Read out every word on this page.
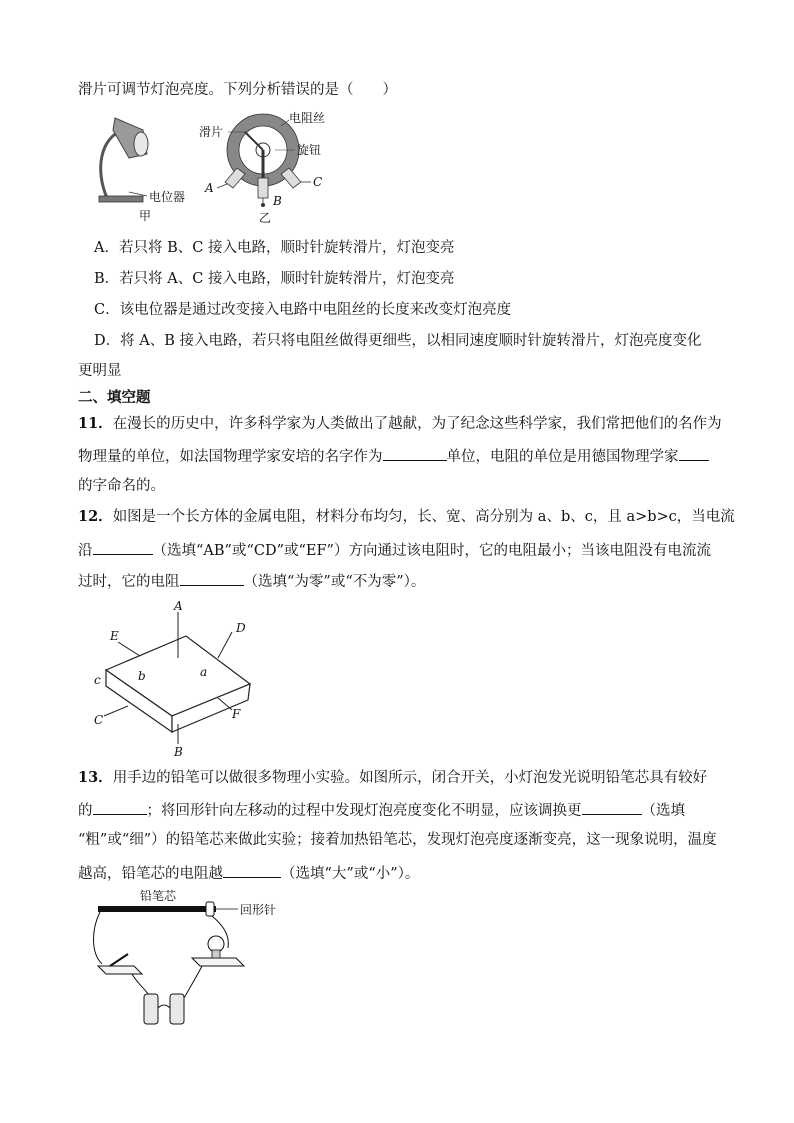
滑片可调节灯泡亮度。下列分析错误的是（　　）
电位器
甲
滑片
电阻丝
旋钮
A
B
C
乙
A．若只将 B、C 接入电路，顺时针旋转滑片，灯泡变亮
B．若只将 A、C 接入电路，顺时针旋转滑片，灯泡变亮
C．该电位器是通过改变接入电路中电阻丝的长度来改变灯泡亮度
D．将 A、B 接入电路，若只将电阻丝做得更细些，以相同速度顺时针旋转滑片，灯泡亮度变化
更明显
二、填空题
11．在漫长的历史中，许多科学家为人类做出了越献，为了纪念这些科学家，我们常把他们的名作为
物理量的单位，如法国物理学家安培的名字作为	单位，电阻的单位是用德国物理学家
的字命名的。
12．如图是一个长方体的金属电阻，材料分布均匀，长、宽、高分别为 a、b、c，且 a>b>c，当电流
沿	（选填“AB”或“CD”或“EF”）方向通过该电阻时，它的电阻最小；当该电阻没有电流流
过时，它的电阻	（选填“为零”或“不为零”）。
A
B
C
D
E
F
a
b
c
13．用手边的铅笔可以做很多物理小实验。如图所示，闭合开关，小灯泡发光说明铅笔芯具有较好
的	；将回形针向左移动的过程中发现灯泡亮度变化不明显，应该调换更	（选填
“粗”或“细”）的铅笔芯来做此实验；接着加热铅笔芯，发现灯泡亮度逐渐变亮，这一现象说明，温度
越高，铅笔芯的电阻越	（选填“大”或“小”）。
铅笔芯
回形针
